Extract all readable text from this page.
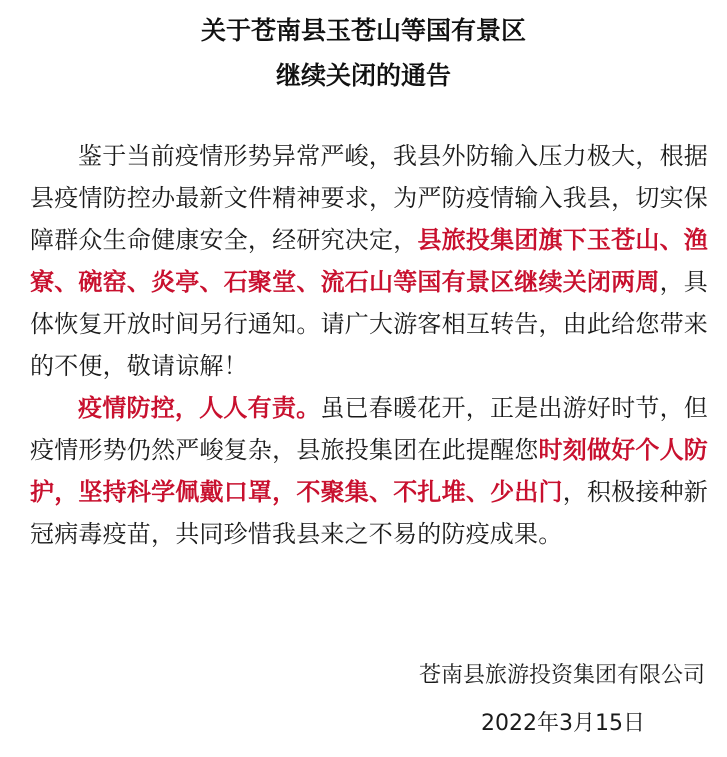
关于苍南县玉苍山等国有景区
继续关闭的通告

鉴于当前疫情形势异常严峻，我县外防输入压力极大，根据县疫情防控办最新文件精神要求，为严防疫情输入我县，切实保障群众生命健康安全，经研究决定，县旅投集团旗下玉苍山、渔寮、碗窑、炎亭、石聚堂、流石山等国有景区继续关闭两周，具体恢复开放时间另行通知。请广大游客相互转告，由此给您带来的不便，敬请谅解！

疫情防控，人人有责。虽已春暖花开，正是出游好时节，但疫情形势仍然严峻复杂，县旅投集团在此提醒您时刻做好个人防护，坚持科学佩戴口罩，不聚集、不扎堆、少出门，积极接种新冠病毒疫苗，共同珍惜我县来之不易的防疫成果。

苍南县旅游投资集团有限公司
2022年3月15日
